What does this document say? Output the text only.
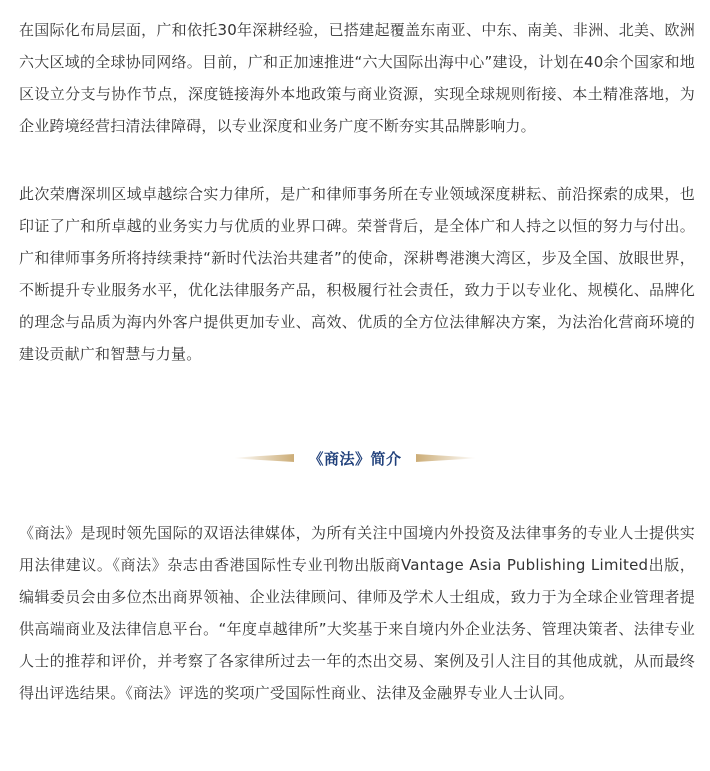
在国际化布局层面，广和依托30年深耕经验，已搭建起覆盖东南亚、中东、南美、非洲、北美、欧洲六大区域的全球协同网络。目前，广和正加速推进“六大国际出海中心”建设，计划在40余个国家和地区设立分支与协作节点，深度链接海外本地政策与商业资源，实现全球规则衔接、本土精准落地，为企业跨境经营扫清法律障碍，以专业深度和业务广度不断夯实其品牌影响力。

此次荣膺深圳区域卓越综合实力律所，是广和律师事务所在专业领域深度耕耘、前沿探索的成果，也印证了广和所卓越的业务实力与优质的业界口碑。荣誉背后，是全体广和人持之以恒的努力与付出。广和律师事务所将持续秉持“新时代法治共建者”的使命，深耕粤港澳大湾区，步及全国、放眼世界，不断提升专业服务水平，优化法律服务产品，积极履行社会责任，致力于以专业化、规模化、品牌化的理念与品质为海内外客户提供更加专业、高效、优质的全方位法律解决方案，为法治化营商环境的建设贡献广和智慧与力量。

《商法》简介

《商法》是现时领先国际的双语法律媒体，为所有关注中国境内外投资及法律事务的专业人士提供实用法律建议。《商法》杂志由香港国际性专业刊物出版商Vantage Asia Publishing Limited出版，编辑委员会由多位杰出商界领袖、企业法律顾问、律师及学术人士组成，致力于为全球企业管理者提供高端商业及法律信息平台。“年度卓越律所”大奖基于来自境内外企业法务、管理决策者、法律专业人士的推荐和评价，并考察了各家律所过去一年的杰出交易、案例及引人注目的其他成就，从而最终得出评选结果。《商法》评选的奖项广受国际性商业、法律及金融界专业人士认同。
